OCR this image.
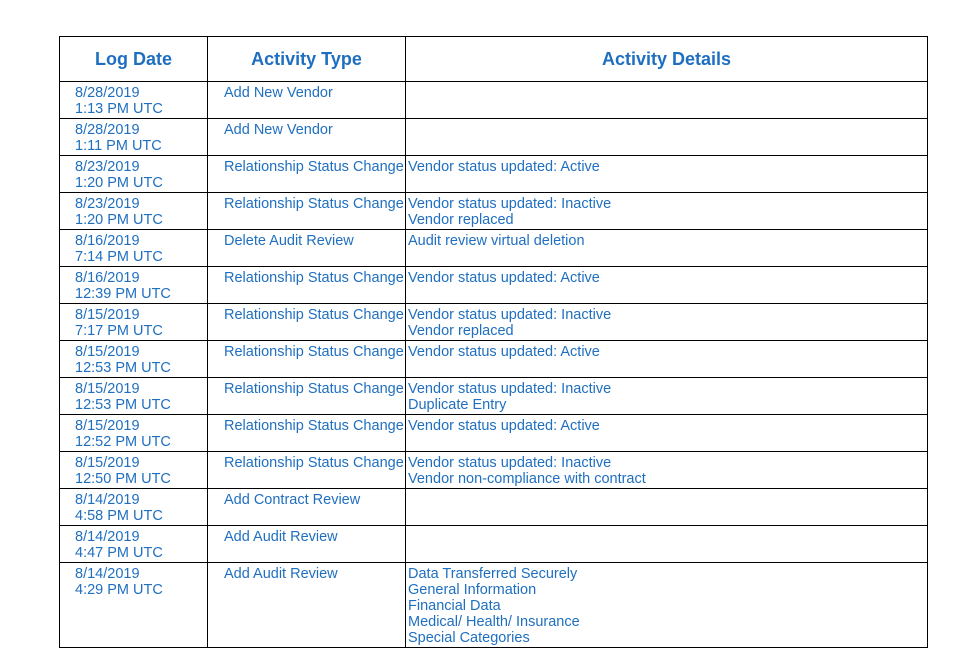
Log Date	Activity Type	Activity Details

8/28/2019
1:13 PM UTC	Add New Vendor	

8/28/2019
1:11 PM UTC	Add New Vendor	

8/23/2019
1:20 PM UTC	Relationship Status Change	Vendor status updated: Active

8/23/2019
1:20 PM UTC	Relationship Status Change	Vendor status updated: Inactive
Vendor replaced

8/16/2019
7:14 PM UTC	Delete Audit Review	Audit review virtual deletion

8/16/2019
12:39 PM UTC	Relationship Status Change	Vendor status updated: Active

8/15/2019
7:17 PM UTC	Relationship Status Change	Vendor status updated: Inactive
Vendor replaced

8/15/2019
12:53 PM UTC	Relationship Status Change	Vendor status updated: Active

8/15/2019
12:53 PM UTC	Relationship Status Change	Vendor status updated: Inactive
Duplicate Entry

8/15/2019
12:52 PM UTC	Relationship Status Change	Vendor status updated: Active

8/15/2019
12:50 PM UTC	Relationship Status Change	Vendor status updated: Inactive
Vendor non-compliance with contract

8/14/2019
4:58 PM UTC	Add Contract Review	

8/14/2019
4:47 PM UTC	Add Audit Review	

8/14/2019
4:29 PM UTC	Add Audit Review	Data Transferred Securely
General Information
Financial Data
Medical/ Health/ Insurance
Special Categories
